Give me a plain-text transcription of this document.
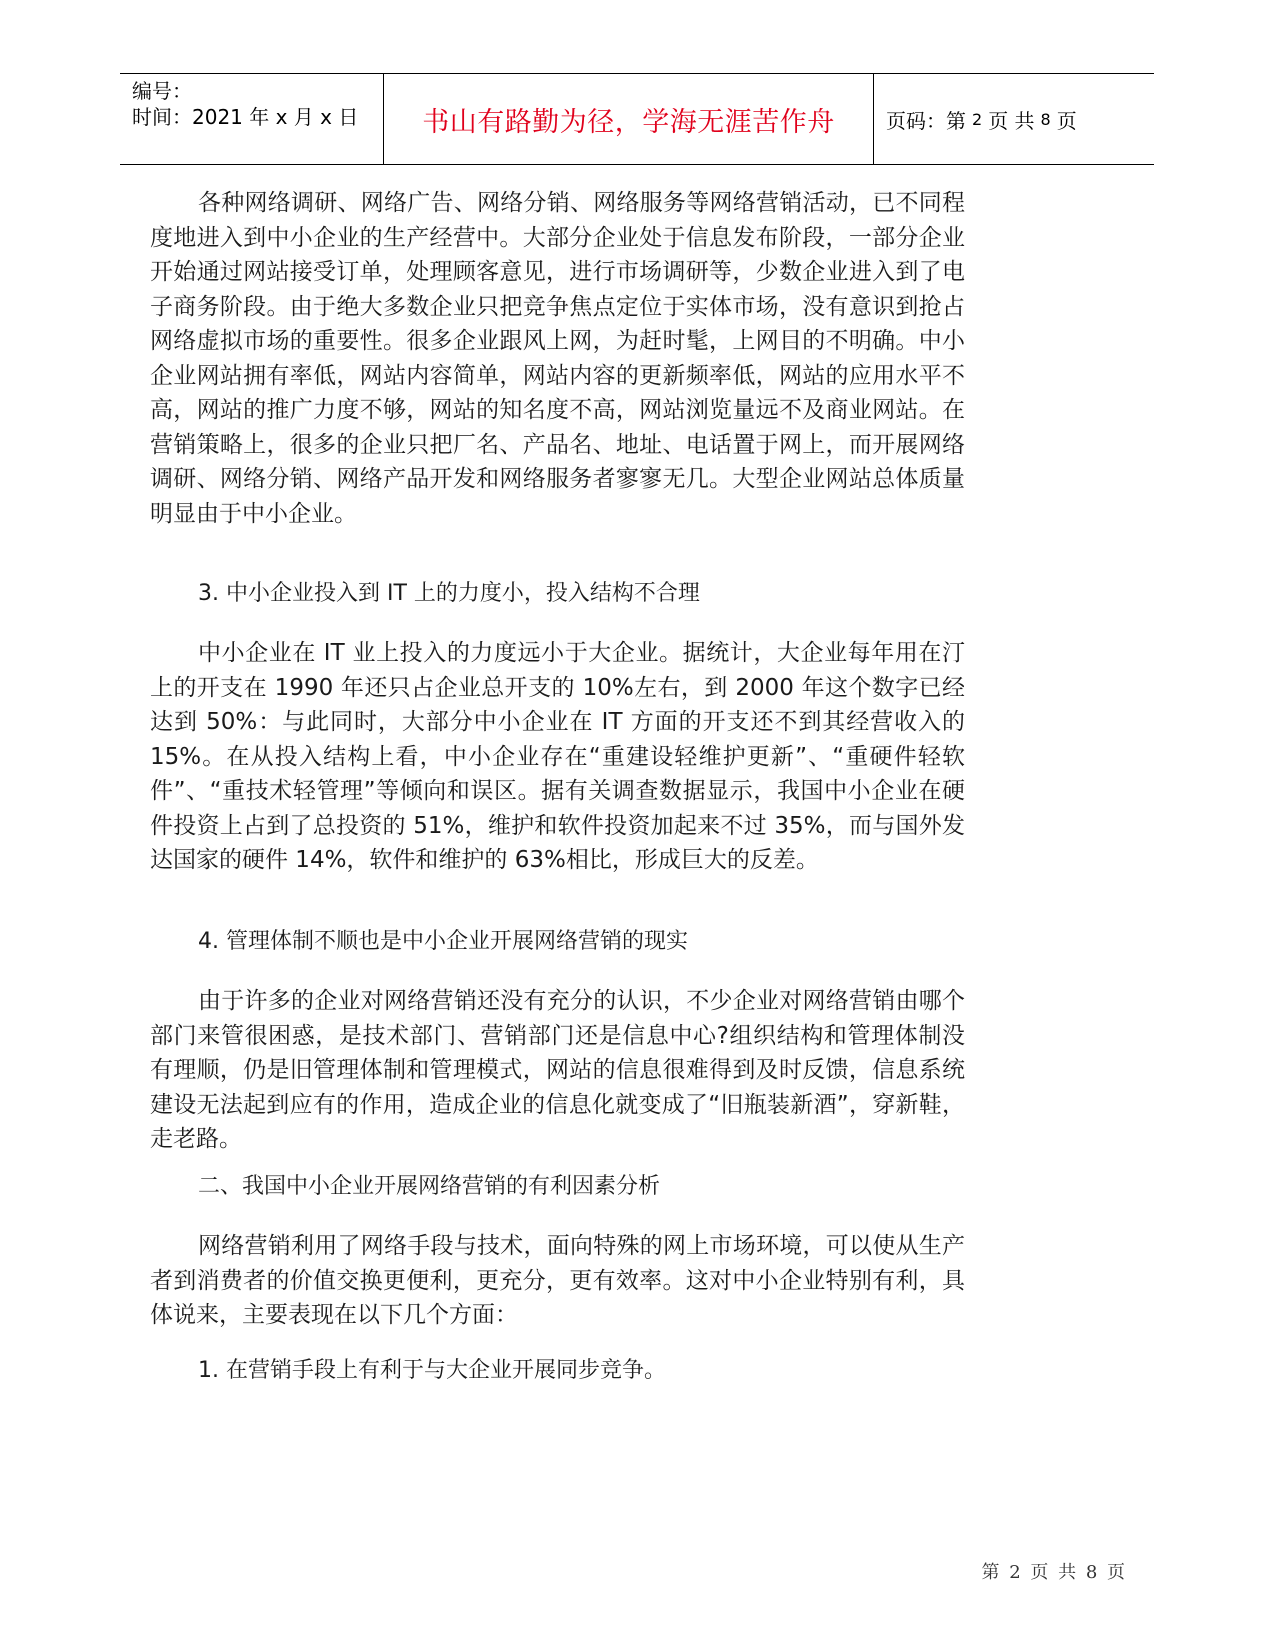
编号：
时间：2021 年 x 月 x 日	书山有路勤为径，学海无涯苦作舟	页码：第 2 页 共 8 页

各种网络调研、网络广告、网络分销、网络服务等网络营销活动，已不同程度地进入到中小企业的生产经营中。大部分企业处于信息发布阶段，一部分企业开始通过网站接受订单，处理顾客意见，进行市场调研等，少数企业进入到了电子商务阶段。由于绝大多数企业只把竞争焦点定位于实体市场，没有意识到抢占网络虚拟市场的重要性。很多企业跟风上网，为赶时髦，上网目的不明确。中小企业网站拥有率低，网站内容简单，网站内容的更新频率低，网站的应用水平不高，网站的推广力度不够，网站的知名度不高，网站浏览量远不及商业网站。在营销策略上，很多的企业只把厂名、产品名、地址、电话置于网上，而开展网络调研、网络分销、网络产品开发和网络服务者寥寥无几。大型企业网站总体质量明显由于中小企业。

3. 中小企业投入到 IT 上的力度小，投入结构不合理

中小企业在 IT 业上投入的力度远小于大企业。据统计，大企业每年用在汀上的开支在 1990 年还只占企业总开支的 10%左右，到 2000 年这个数字已经达到 50%：与此同时，大部分中小企业在 IT 方面的开支还不到其经营收入的 15%。在从投入结构上看，中小企业存在“重建设轻维护更新”、“重硬件轻软件”、“重技术轻管理”等倾向和误区。据有关调查数据显示，我国中小企业在硬件投资上占到了总投资的 51%，维护和软件投资加起来不过 35%，而与国外发达国家的硬件 14%，软件和维护的 63%相比，形成巨大的反差。

4. 管理体制不顺也是中小企业开展网络营销的现实

由于许多的企业对网络营销还没有充分的认识，不少企业对网络营销由哪个部门来管很困惑，是技术部门、营销部门还是信息中心?组织结构和管理体制没有理顺，仍是旧管理体制和管理模式，网站的信息很难得到及时反馈，信息系统建设无法起到应有的作用，造成企业的信息化就变成了“旧瓶装新酒”，穿新鞋，走老路。

二、我国中小企业开展网络营销的有利因素分析

网络营销利用了网络手段与技术，面向特殊的网上市场环境，可以使从生产者到消费者的价值交换更便利，更充分，更有效率。这对中小企业特别有利，具体说来，主要表现在以下几个方面：

1. 在营销手段上有利于与大企业开展同步竞争。

第 2 页 共 8 页
